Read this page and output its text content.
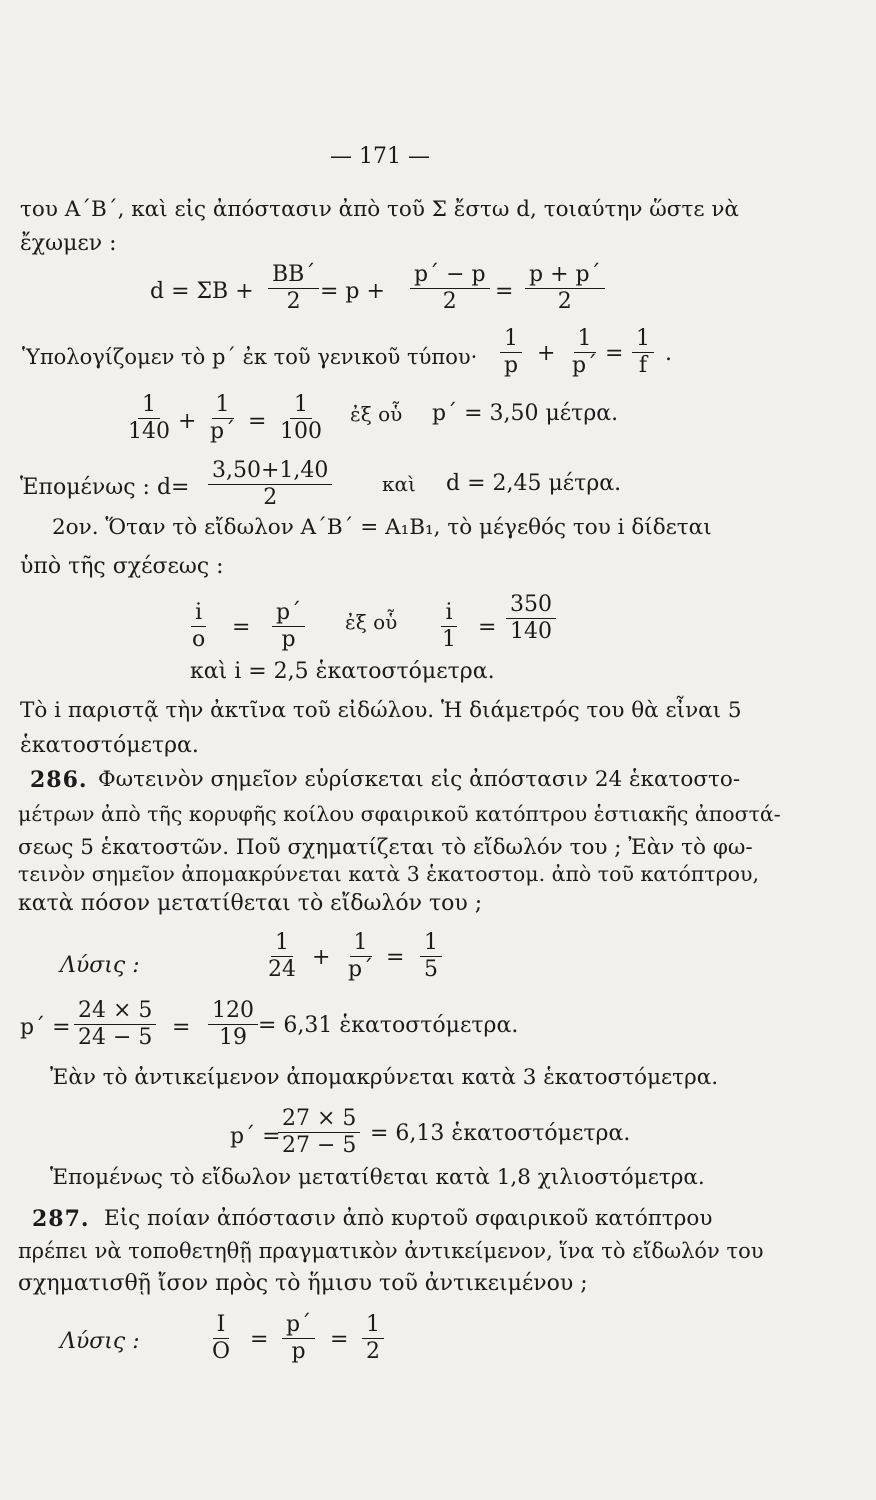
— 171 —
του Α΄Β΄, καὶ εἰς ἀπόστασιν ἀπὸ τοῦ Σ ἔστω d, τοιαύτην ὥστε νὰ
ἔχωμεν :
$d = \Sigma B + \frac{BB΄}{2} = p + \frac{p΄ - p}{2} = \frac{p + p΄}{2}$
Ὑπολογίζομεν τὸ p΄ ἐκ τοῦ γενικοῦ $\tau ύ\pi o\upsilon\cdot \frac{1}{p} + \frac{1}{p΄} = \frac{1}{f}$ .
$\frac{1}{140} + \frac{1}{p΄} = \frac{1}{100}$ ἐξ οὗ p΄ = 3,50 μέτρα.
Ἑπομένως : $d= \frac{3,50+1,40}{2}$ καὶ d = 2,45 μέτρα.
2ον. Ὅταν τὸ εἴδωλον Α΄Β΄ = Α₁Β₁, τὸ μέγεθός του i δίδεται
ὑπὸ τῆς σχέσεως :
$\frac{i}{o} = \frac{p΄}{p}$ ἐξ οὗ $\frac{i}{1} = \frac{350}{140}$
καὶ i = 2,5 ἑκατοστόμετρα.
Τὸ i παριστᾷ τὴν ἀκτῖνα τοῦ εἰδώλου. Ἡ διάμετρός του θὰ εἶναι 5
ἑκατοστόμετρα.
286. Φωτεινὸν σημεῖον εὑρίσκεται εἰς ἀπόστασιν 24 ἑκατοστο-
μέτρων ἀπὸ τῆς κορυφῆς κοίλου σφαιρικοῦ κατόπτρου ἑστιακῆς ἀποστά-
σεως 5 ἑκατοστῶν. Ποῦ σχηματίζεται τὸ εἴδωλόν του ; Ἐὰν τὸ φω-
τεινὸν σημεῖον ἀπομακρύνεται κατὰ 3 ἑκατοστομ. ἀπὸ τοῦ κατόπτρου,
κατὰ πόσον μετατίθεται τὸ εἴδωλόν του ;
Λύσις :	$\frac{1}{24} + \frac{1}{p΄} = \frac{1}{5}$
$p΄ = \frac{24 \times 5}{24 - 5} = \frac{120}{19} = 6,31$ ἑκατοστόμετρα.
Ἐὰν τὸ ἀντικείμενον ἀπομακρύνεται κατὰ 3 ἑκατοστόμετρα.
p΄ =
$\frac{27 \times 5}{27 - 5} = 6,13$ ἑκατοστόμετρα.
Ἑπομένως τὸ εἴδωλον μετατίθεται κατὰ 1,8 χιλιοστόμετρα.
287. Εἰς ποίαν ἀπόστασιν ἀπὸ κυρτοῦ σφαιρικοῦ κατόπτρου
πρέπει νὰ τοποθετηθῇ πραγματικὸν ἀντικείμενον, ἵνα τὸ εἴδωλόν του
σχηματισθῇ ἴσον πρὸς τὸ ἥμισυ τοῦ ἀντικειμένου ;
Λύσις :	$\frac{I}{O} = \frac{p΄}{p} = \frac{1}{2}$
